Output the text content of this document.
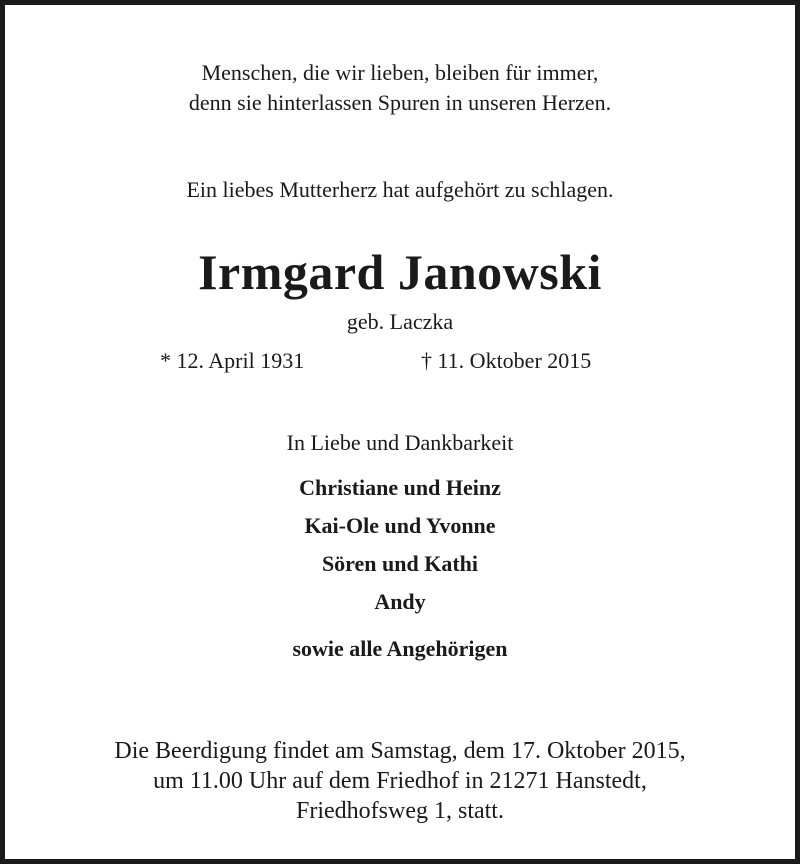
Menschen, die wir lieben, bleiben für immer,
denn sie hinterlassen Spuren in unseren Herzen.
Ein liebes Mutterherz hat aufgehört zu schlagen.
Irmgard Janowski
geb. Laczka
* 12. April 1931	† 11. Oktober 2015
In Liebe und Dankbarkeit
Christiane und Heinz
Kai-Ole und Yvonne
Sören und Kathi
Andy
sowie alle Angehörigen
Die Beerdigung findet am Samstag, dem 17. Oktober 2015,
um 11.00 Uhr auf dem Friedhof in 21271 Hanstedt,
Friedhofsweg 1, statt.
